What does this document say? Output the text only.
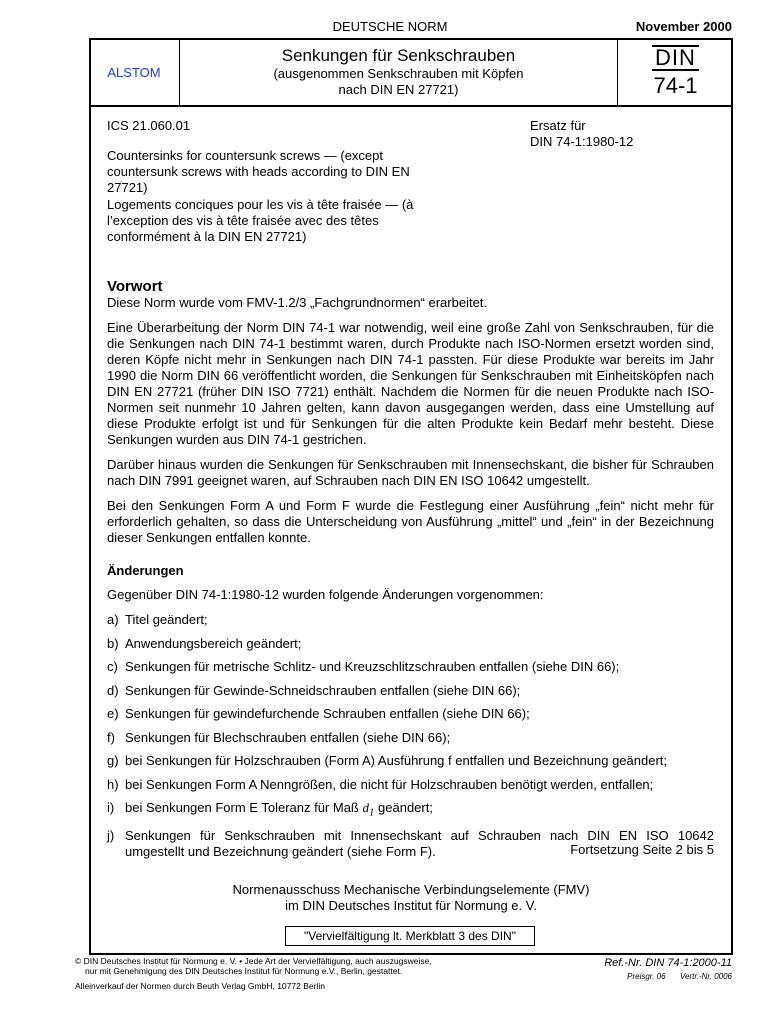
DEUTSCHE NORM	November 2000
ALSTOM
Senkungen für Senkschrauben
(ausgenommen Senkschrauben mit Köpfen
nach DIN EN 27721)
DIN
74-1
ICS 21.060.01	Ersatz für
DIN 74-1:1980-12
Countersinks for countersunk screws — (except countersunk screws with heads according to DIN EN 27721)
Logements conciques pour les vis à tête fraisée — (à l’exception des vis à tête fraisée avec des têtes conformément à la DIN EN 27721)

Vorwort

Diese Norm wurde vom FMV-1.2/3 „Fachgrundnormen“ erarbeitet.

Eine Überarbeitung der Norm DIN 74-1 war notwendig, weil eine große Zahl von Senkschrauben, für die die Senkungen nach DIN 74-1 bestimmt waren, durch Produkte nach ISO-Normen ersetzt worden sind, deren Köpfe nicht mehr in Senkungen nach DIN 74-1 passten. Für diese Produkte war bereits im Jahr 1990 die Norm DIN 66 veröffentlicht worden, die Senkungen für Senkschrauben mit Einheitsköpfen nach DIN EN 27721 (früher DIN ISO 7721) enthält. Nachdem die Normen für die neuen Produkte nach ISO-Normen seit nunmehr 10 Jahren gelten, kann davon ausgegangen werden, dass eine Umstellung auf diese Produkte erfolgt ist und für Senkungen für die alten Produkte kein Bedarf mehr besteht. Diese Senkungen wurden aus DIN 74-1 gestrichen.

Darüber hinaus wurden die Senkungen für Senkschrauben mit Innensechskant, die bisher für Schrauben nach DIN 7991 geeignet waren, auf Schrauben nach DIN EN ISO 10642 umgestellt.

Bei den Senkungen Form A und Form F wurde die Festlegung einer Ausführung „fein“ nicht mehr für erforderlich gehalten, so dass die Unterscheidung von Ausführung „mittel“ und „fein“ in der Bezeichnung dieser Senkungen entfallen konnte.

Änderungen

Gegenüber DIN 74-1:1980-12 wurden folgende Änderungen vorgenommen:

a) Titel geändert;
b) Anwendungsbereich geändert;
c) Senkungen für metrische Schlitz- und Kreuzschlitzschrauben entfallen (siehe DIN 66);
d) Senkungen für Gewinde-Schneidschrauben entfallen (siehe DIN 66);
e) Senkungen für gewindefurchende Schrauben entfallen (siehe DIN 66);
f) Senkungen für Blechschrauben entfallen (siehe DIN 66);
g) bei Senkungen für Holzschrauben (Form A) Ausführung f entfallen und Bezeichnung geändert;
h) bei Senkungen Form A Nenngrößen, die nicht für Holzschrauben benötigt werden, entfallen;
i) bei Senkungen Form E Toleranz für Maß $d_1$ geändert;
j) Senkungen für Senkschrauben mit Innensechskant auf Schrauben nach DIN EN ISO 10642 umgestellt und Bezeichnung geändert (siehe Form F).	Fortsetzung Seite 2 bis 5
Normenausschuss Mechanische Verbindungselemente (FMV)
im DIN Deutsches Institut für Normung e. V.
"Vervielfältigung lt. Merkblatt 3 des DIN"
© DIN Deutsches Institut für Normung e. V. • Jede Art der Vervielfältigung, auch auszugsweise,
nur mit Genehmigung des DIN Deutsches Institut für Normung e.V., Berlin, gestattet.
Ref.-Nr. DIN 74-1:2000-11
Preisgr. 06 Vertr.-Nr. 0006
Alleinverkauf der Normen durch Beuth Verlag GmbH, 10772 Berlin
